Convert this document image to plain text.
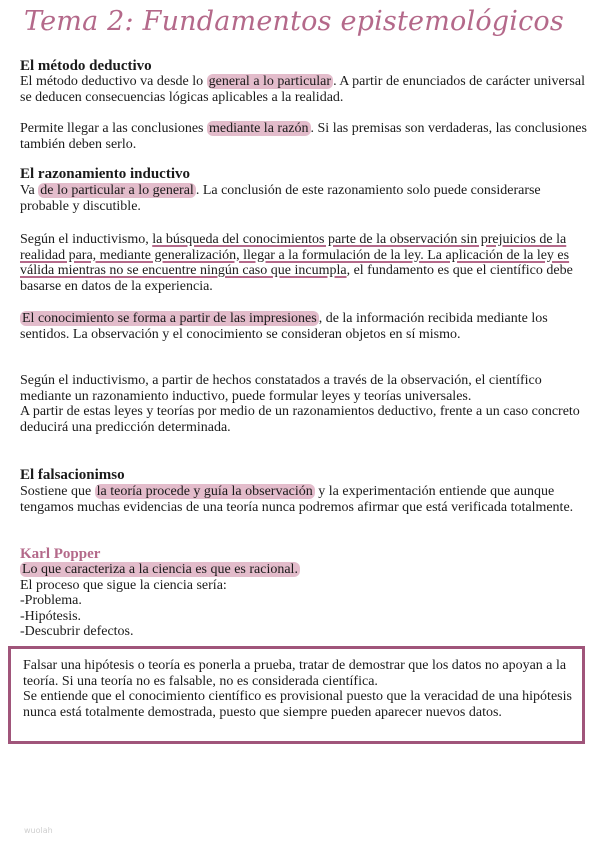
Tema 2: Fundamentos epistemológicos
El método deductivo

El método deductivo va desde lo general a lo particular . A partir de enunciados de carácter universal se deducen consecuencias lógicas aplicables a la realidad.

Permite llegar a las conclusiones mediante la razón . Si las premisas son verdaderas, las conclusiones también deben serlo.

El razonamiento inductivo

Va de lo particular a lo general . La conclusión de este razonamiento solo puede considerarse probable y discutible.

Según el inductivismo, la búsqueda del conocimientos parte de la observación sin prejuicios de la realidad para, mediante generalización, llegar a la formulación de la ley. La aplicación de la ley es válida mientras no se encuentre ningún caso que incumpla, el fundamento es que el científico debe basarse en datos de la experiencia.

El conocimiento se forma a partir de las impresiones , de la información recibida mediante los sentidos. La observación y el conocimiento se consideran objetos en sí mismo.

Según el inductivismo, a partir de hechos constatados a través de la observación, el científico mediante un razonamiento inductivo, puede formular leyes y teorías universales.
A partir de estas leyes y teorías por medio de un razonamientos deductivo, frente a un caso concreto deducirá una predicción determinada.

El falsacionimso

Sostiene que la teoría procede y guía la observación y la experimentación entiende que aunque tengamos muchas evidencias de una teoría nunca podremos afirmar que está verificada totalmente.

Karl Popper

Lo que caracteriza a la ciencia es que es racional.

El proceso que sigue la ciencia sería:
-Problema.
-Hipótesis.
-Descubrir defectos.

Falsar una hipótesis o teoría es ponerla a prueba, tratar de demostrar que los datos no apoyan a la teoría. Si una teoría no es falsable, no es considerada científica.

Se entiende que el conocimiento científico es provisional puesto que la veracidad de una hipótesis nunca está totalmente demostrada, puesto que siempre pueden aparecer nuevos datos.

wuolah
